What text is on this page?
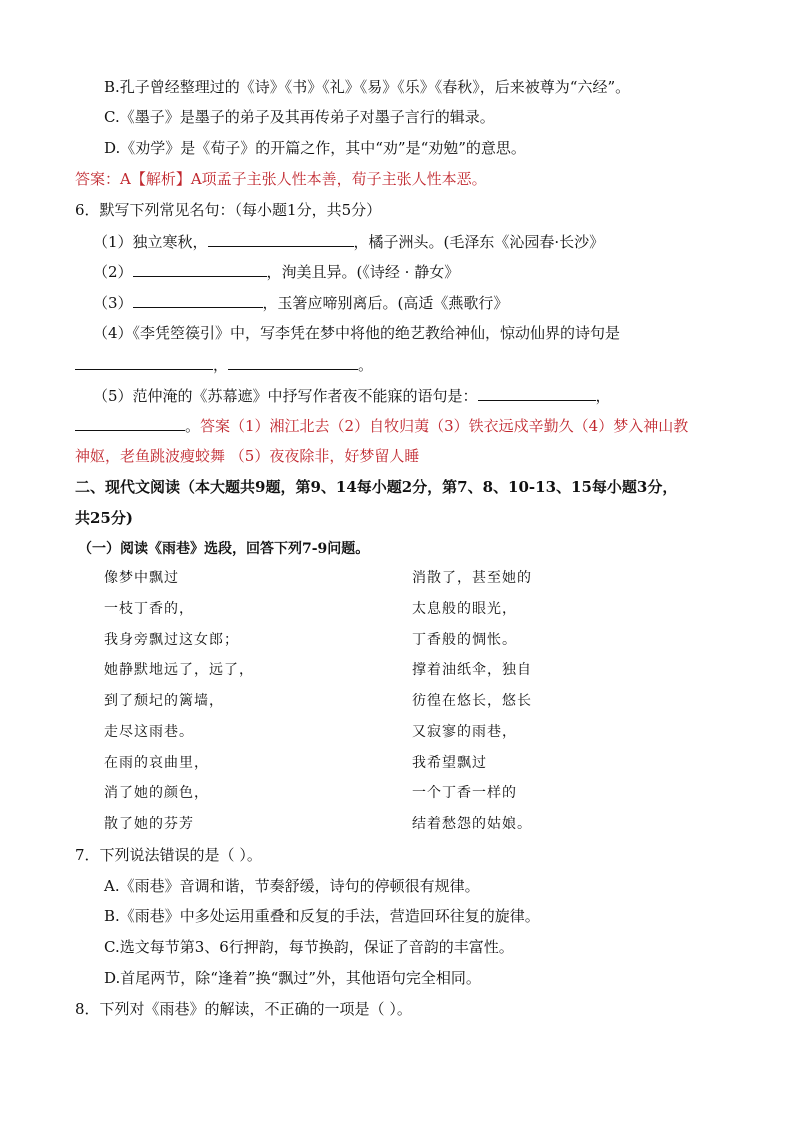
B.孔子曾经整理过的《诗》《书》《礼》《易》《乐》《春秋》，后来被尊为“六经”。
C.《墨子》是墨子的弟子及其再传弟子对墨子言行的辑录。
D.《劝学》是《荀子》的开篇之作，其中“劝”是“劝勉”的意思。
答案：A【解析】A项孟子主张人性本善，荀子主张人性本恶。
6．默写下列常见名句：（每小题1分，共5分）
（1）独立寒秋，	，橘子洲头。(毛泽东《沁园春·长沙》
（2）	，洵美且异。(《诗经 · 静女》
（3）	，玉箸应啼别离后。(高适《燕歌行》
（4）《李凭箜篌引》中，写李凭在梦中将他的绝艺教给神仙，惊动仙界的诗句是
，	。
（5）范仲淹的《苏幕遮》中抒写作者夜不能寐的语句是：	，
。答案（1）湘江北去（2）自牧归荑（3）铁衣远戍辛勤久（4）梦入神山教
神妪，老鱼跳波瘦蛟舞 （5）夜夜除非，好梦留人睡
二、现代文阅读（本大题共9题，第9、14每小题2分，第7、8、10-13、15每小题3分，
共25分)
（一）阅读《雨巷》选段，回答下列7-9问题。
像梦中飘过
一枝丁香的，
我身旁飘过这女郎；
她静默地远了，远了，
到了颓圮的篱墙，
走尽这雨巷。
在雨的哀曲里，
消了她的颜色，
散了她的芬芳
消散了，甚至她的
太息般的眼光，
丁香般的惆怅。
撑着油纸伞，独自
彷徨在悠长，悠长
又寂寥的雨巷，
我希望飘过
一个丁香一样的
结着愁怨的姑娘。
7．下列说法错误的是（ ）。
A.《雨巷》音调和谐，节奏舒缓，诗句的停顿很有规律。
B.《雨巷》中多处运用重叠和反复的手法，营造回环往复的旋律。
C.选文每节第3、6行押韵，每节换韵，保证了音韵的丰富性。
D.首尾两节，除“逢着”换“飘过”外，其他语句完全相同。
8．下列对《雨巷》的解读，不正确的一项是（ ）。
